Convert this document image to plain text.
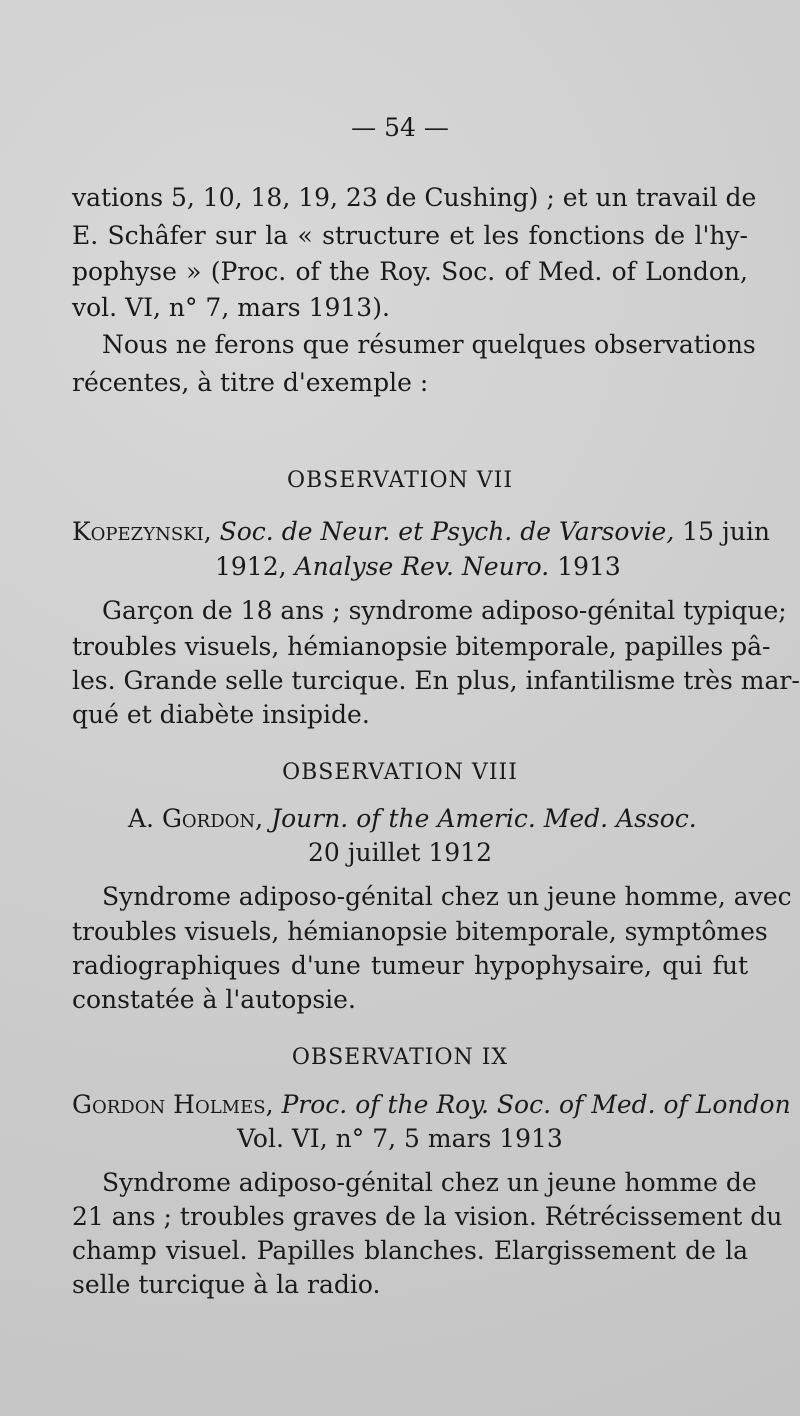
— 54 —
vations 5, 10, 18, 19, 23 de Cushing) ; et un travail de
E. Schâfer sur la « structure et les fonctions de l'hy-
pophyse » (Proc. of the Roy. Soc. of Med. of London,
vol. VI, n° 7, mars 1913).
Nous ne ferons que résumer quelques observations
récentes, à titre d'exemple :
OBSERVATION VII
Kopezynski, Soc. de Neur. et Psych. de Varsovie, 15 juin
1912, Analyse Rev. Neuro. 1913
Garçon de 18 ans ; syndrome adiposo-génital typique;
troubles visuels, hémianopsie bitemporale, papilles pâ-
les. Grande selle turcique. En plus, infantilisme très mar-
qué et diabète insipide.
OBSERVATION VIII
A. Gordon, Journ. of the Americ. Med. Assoc.
20 juillet 1912
Syndrome adiposo-génital chez un jeune homme, avec
troubles visuels, hémianopsie bitemporale, symptômes
radiographiques d'une tumeur hypophysaire, qui fut
constatée à l'autopsie.
OBSERVATION IX
Gordon Holmes, Proc. of the Roy. Soc. of Med. of London
Vol. VI, n° 7, 5 mars 1913
Syndrome adiposo-génital chez un jeune homme de
21 ans ; troubles graves de la vision. Rétrécissement du
champ visuel. Papilles blanches. Elargissement de la
selle turcique à la radio.
